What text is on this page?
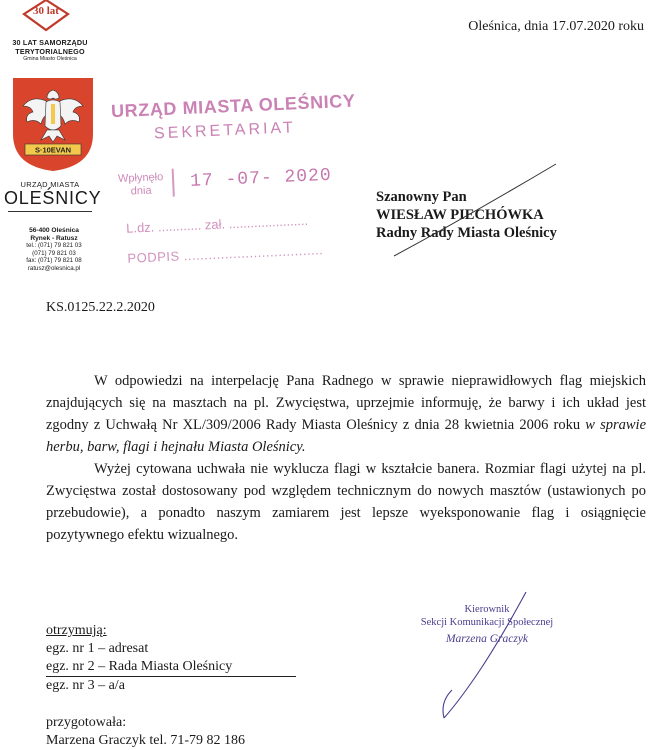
30 lat
30 LAT SAMORZĄDU
TERYTORIALNEGO
Gmina Miasto Oleśnica
S·10EVAN
URZĄD MIASTA
OLEŚNICY
56-400 Oleśnica
Rynek - Ratusz
tel.: (071) 79 821 03
(071) 79 821 03
fax: (071) 79 821 08
ratusz@olesnica.pl
Oleśnica, dnia 17.07.2020 roku
URZĄD MIASTA OLEŚNICY
SEKRETARIAT
Wpłynęło
dnia	17 -07- 2020
L.dz. ............ zał. ......................
PODPIS ..................................
Szanowny Pan
WIESŁAW PIECHÓWKA
Radny Rady Miasta Oleśnicy
KS.0125.22.2.2020

W odpowiedzi na interpelację Pana Radnego w sprawie nieprawidłowych flag miejskich znajdujących się na masztach na pl. Zwycięstwa, uprzejmie informuję, że barwy i ich układ jest zgodny z Uchwałą Nr XL/309/2006 Rady Miasta Oleśnicy z dnia 28 kwietnia 2006 roku w sprawie herbu, barw, flagi i hejnału Miasta Oleśnicy.

Wyżej cytowana uchwała nie wyklucza flagi w kształcie banera. Rozmiar flagi użytej na pl. Zwycięstwa został dostosowany pod względem technicznym do nowych masztów (ustawionych po przebudowie), a ponadto naszym zamiarem jest lepsze wyeksponowanie flag i osiągnięcie pozytywnego efektu wizualnego.

Kierownik
Sekcji Komunikacji Społecznej
Marzena Graczyk
otrzymują:
egz. nr 1 – adresat
egz. nr 2 – Rada Miasta Oleśnicy
egz. nr 3 – a/a
przygotowała:
Marzena Graczyk tel. 71-79 82 186
